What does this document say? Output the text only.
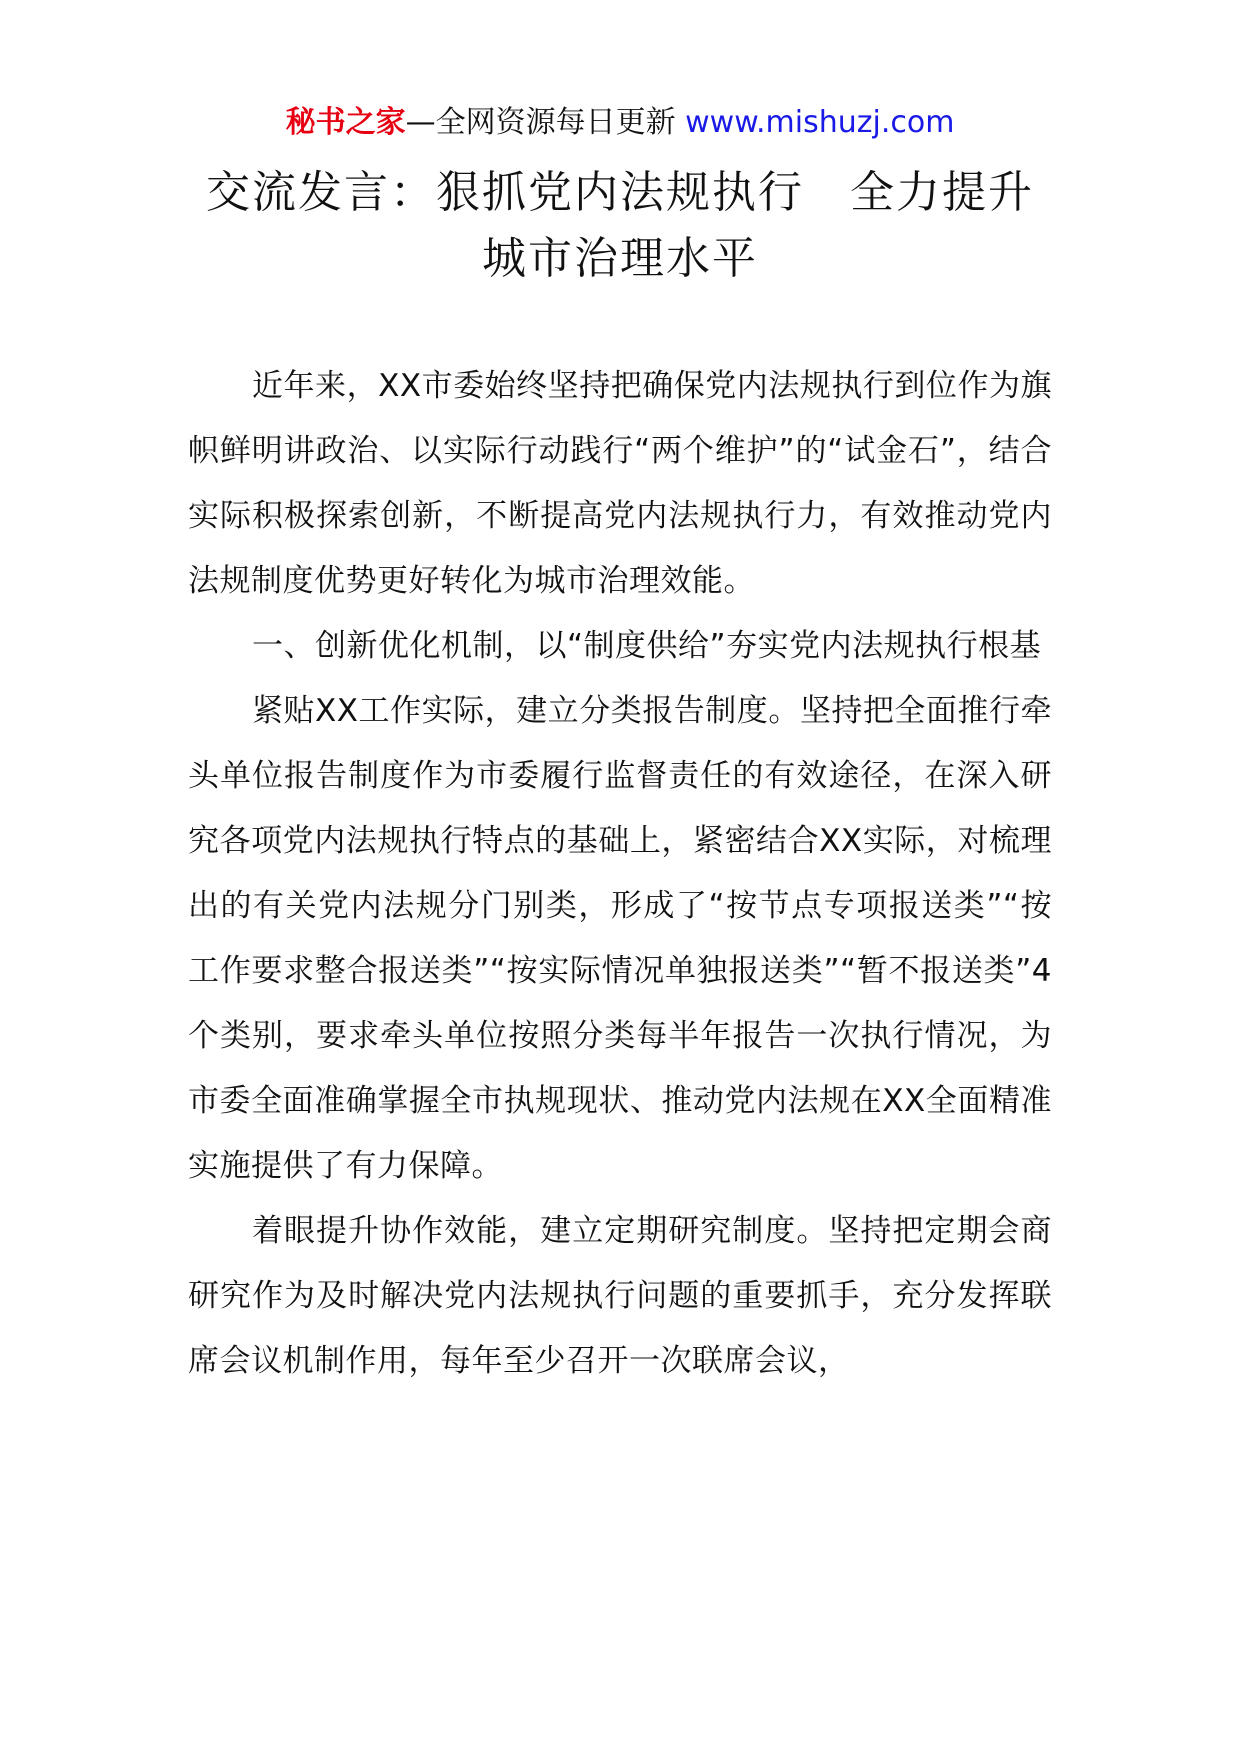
秘书之家—全网资源每日更新 www.mishuzj.com
交流发言：狠抓党内法规执行　全力提升
城市治理水平

近年来，XX市委始终坚持把确保党内法规执行到位作为旗帜鲜明讲政治、以实际行动践行“两个维护”的“试金石”，结合实际积极探索创新，不断提高党内法规执行力，有效推动党内法规制度优势更好转化为城市治理效能。

一、创新优化机制，以“制度供给”夯实党内法规执行根基

紧贴XX工作实际，建立分类报告制度。坚持把全面推行牵头单位报告制度作为市委履行监督责任的有效途径，在深入研究各项党内法规执行特点的基础上，紧密结合XX实际，对梳理出的有关党内法规分门别类，形成了“按节点专项报送类”“按工作要求整合报送类”“按实际情况单独报送类”“暂不报送类”4个类别，要求牵头单位按照分类每半年报告一次执行情况，为市委全面准确掌握全市执规现状、推动党内法规在XX全面精准实施提供了有力保障。

着眼提升协作效能，建立定期研究制度。坚持把定期会商研究作为及时解决党内法规执行问题的重要抓手，充分发挥联席会议机制作用，每年至少召开一次联席会议，
